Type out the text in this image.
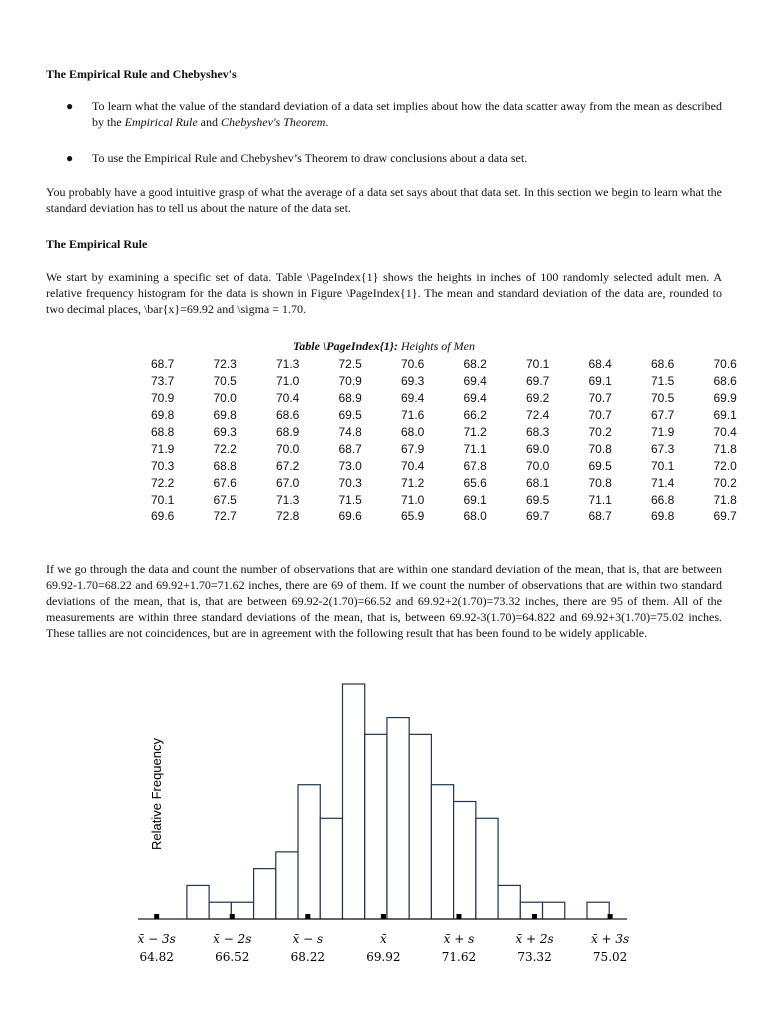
The Empirical Rule and Chebyshev's
● To learn what the value of the standard deviation of a data set implies about how the data scatter away from the mean as described by the Empirical Rule and Chebyshev's Theorem.
● To use the Empirical Rule and Chebyshev’s Theorem to draw conclusions about a data set.

You probably have a good intuitive grasp of what the average of a data set says about that data set. In this section we begin to learn what the standard deviation has to tell us about the nature of the data set.

The Empirical Rule

We start by examining a specific set of data. Table \PageIndex{1} shows the heights in inches of 100 randomly selected adult men. A relative frequency histogram for the data is shown in Figure \PageIndex{1}. The mean and standard deviation of the data are, rounded to two decimal places, \bar{x}=69.92 and \sigma = 1.70.

Table \PageIndex{1}: Heights of Men
68.7	72.3	71.3	72.5	70.6	68.2	70.1	68.4	68.6	70.6
73.7	70.5	71.0	70.9	69.3	69.4	69.7	69.1	71.5	68.6
70.9	70.0	70.4	68.9	69.4	69.4	69.2	70.7	70.5	69.9
69.8	69.8	68.6	69.5	71.6	66.2	72.4	70.7	67.7	69.1
68.8	69.3	68.9	74.8	68.0	71.2	68.3	70.2	71.9	70.4
71.9	72.2	70.0	68.7	67.9	71.1	69.0	70.8	67.3	71.8
70.3	68.8	67.2	73.0	70.4	67.8	70.0	69.5	70.1	72.0
72.2	67.6	67.0	70.3	71.2	65.6	68.1	70.8	71.4	70.2
70.1	67.5	71.3	71.5	71.0	69.1	69.5	71.1	66.8	71.8
69.6	72.7	72.8	69.6	65.9	68.0	69.7	68.7	69.8	69.7

If we go through the data and count the number of observations that are within one standard deviation of the mean, that is, that are between 69.92-1.70=68.22 and 69.92+1.70=71.62 inches, there are 69 of them. If we count the number of observations that are within two standard deviations of the mean, that is, that are between 69.92-2(1.70)=66.52 and 69.92+2(1.70)=73.32 inches, there are 95 of them. All of the measurements are within three standard deviations of the mean, that is, between 69.92-3(1.70)=64.822 and 69.92+3(1.70)=75.02 inches. These tallies are not coincidences, but are in agreement with the following result that has been found to be widely applicable.

x̄ − 3s
64.82
x̄ − 2s
66.52
x̄ − s
68.22
x̄
69.92
x̄ + s
71.62
x̄ + 2s
73.32
x̄ + 3s
75.02
Relative Frequency
